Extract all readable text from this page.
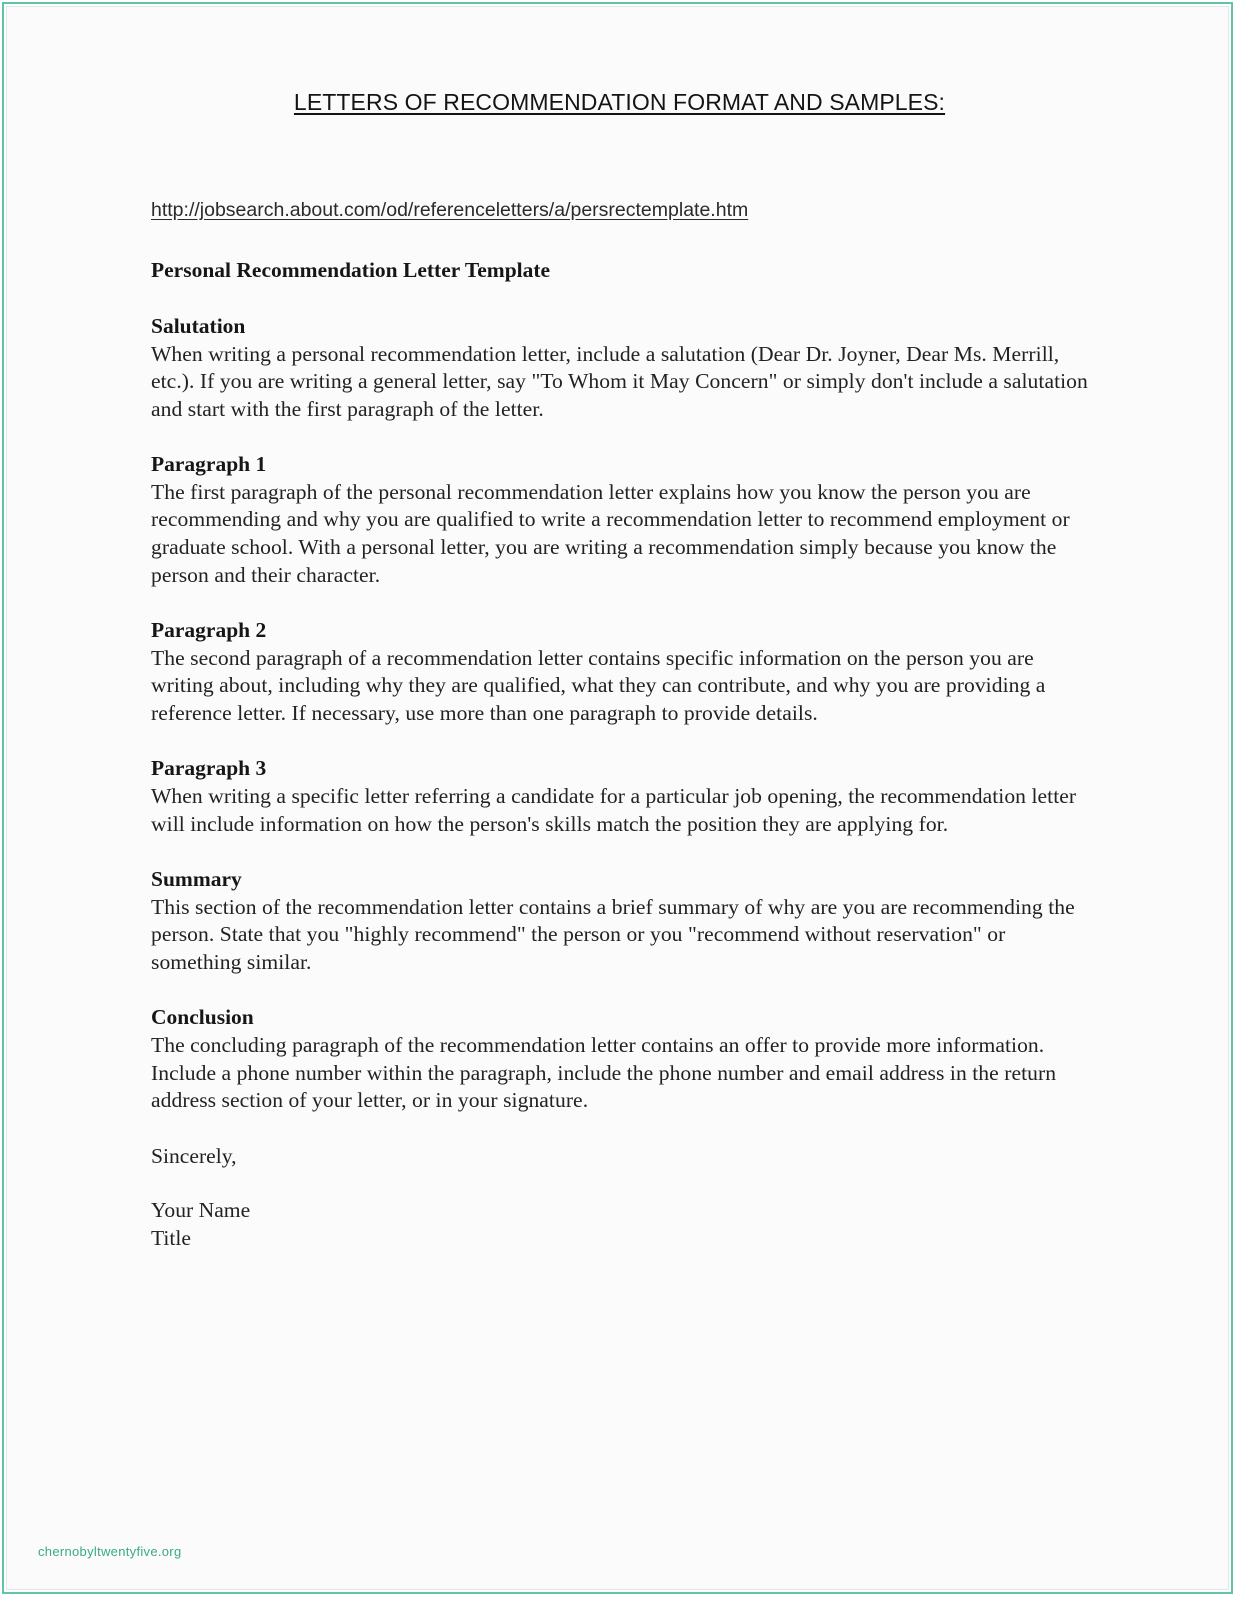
LETTERS OF RECOMMENDATION FORMAT AND SAMPLES:
http://jobsearch.about.com/od/referenceletters/a/persrectemplate.htm

Personal Recommendation Letter Template

Salutation

When writing a personal recommendation letter, include a salutation (Dear Dr. Joyner, Dear Ms. Merrill, etc.). If you are writing a general letter, say "To Whom it May Concern" or simply don't include a salutation and start with the first paragraph of the letter.

Paragraph 1

The first paragraph of the personal recommendation letter explains how you know the person you are recommending and why you are qualified to write a recommendation letter to recommend employment or graduate school. With a personal letter, you are writing a recommendation simply because you know the person and their character.

Paragraph 2

The second paragraph of a recommendation letter contains specific information on the person you are writing about, including why they are qualified, what they can contribute, and why you are providing a reference letter. If necessary, use more than one paragraph to provide details.

Paragraph 3

When writing a specific letter referring a candidate for a particular job opening, the recommendation letter will include information on how the person's skills match the position they are applying for.

Summary

This section of the recommendation letter contains a brief summary of why are you are recommending the person. State that you "highly recommend" the person or you "recommend without reservation" or something similar.

Conclusion

The concluding paragraph of the recommendation letter contains an offer to provide more information. Include a phone number within the paragraph, include the phone number and email address in the return address section of your letter, or in your signature.

Sincerely,

Your Name

Title

chernobyltwentyfive.org
